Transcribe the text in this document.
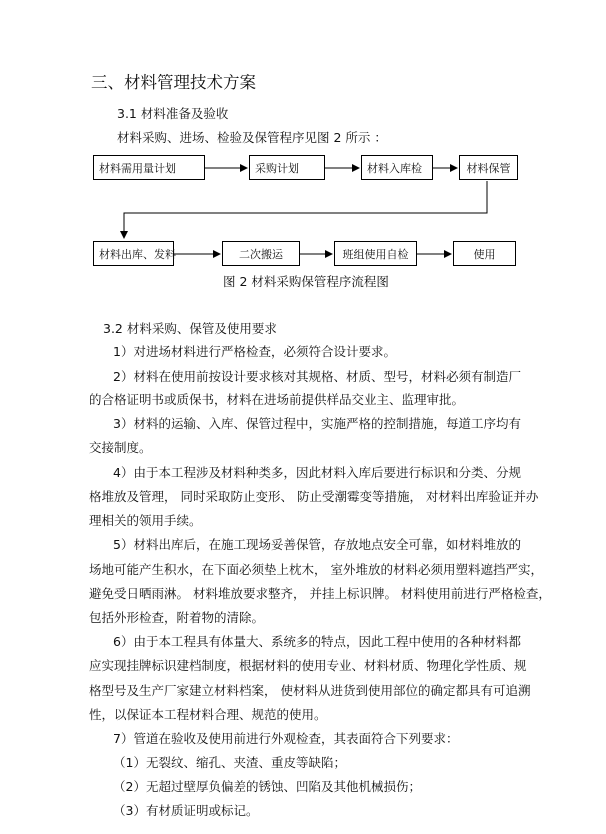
三、材料管理技术方案
3.1 材料准备及验收
材料采购、进场、检验及保管程序见图 2 所示 ：
材料需用量计划	采购计划	材料入库检	材料保管
材料出库、发料	二次搬运	班组使用自检	使用
图 2 材料采购保管程序流程图
3.2 材料采购、保管及使用要求
1）对进场材料进行严格检查，必须符合设计要求。
2）材料在使用前按设计要求核对其规格、材质、型号，材料必须有制造厂
的合格证明书或质保书，材料在进场前提供样品交业主、监理审批。
3）材料的运输、入库、保管过程中，实施严格的控制措施，每道工序均有
交接制度。
4）由于本工程涉及材料种类多，因此材料入库后要进行标识和分类、分规
格堆放及管理， 同时采取防止变形、 防止受潮霉变等措施， 对材料出库验证并办
理相关的领用手续。
5）材料出库后，在施工现场妥善保管，存放地点安全可靠，如材料堆放的
场地可能产生积水，在下面必须垫上枕木， 室外堆放的材料必须用塑料遮挡严实，
避免受日晒雨淋。 材料堆放要求整齐， 并挂上标识牌。 材料使用前进行严格检查，
包括外形检查，附着物的清除。
6）由于本工程具有体量大、系统多的特点，因此工程中使用的各种材料都
应实现挂牌标识建档制度，根据材料的使用专业、材料材质、物理化学性质、规
格型号及生产厂家建立材料档案， 使材料从进货到使用部位的确定都具有可追溯
性，以保证本工程材料合理、规范的使用。
7）管道在验收及使用前进行外观检查，其表面符合下列要求：
（1）无裂纹、缩孔、夹渣、重皮等缺陷；
（2）无超过壁厚负偏差的锈蚀、凹陷及其他机械损伤；
（3）有材质证明或标记。
